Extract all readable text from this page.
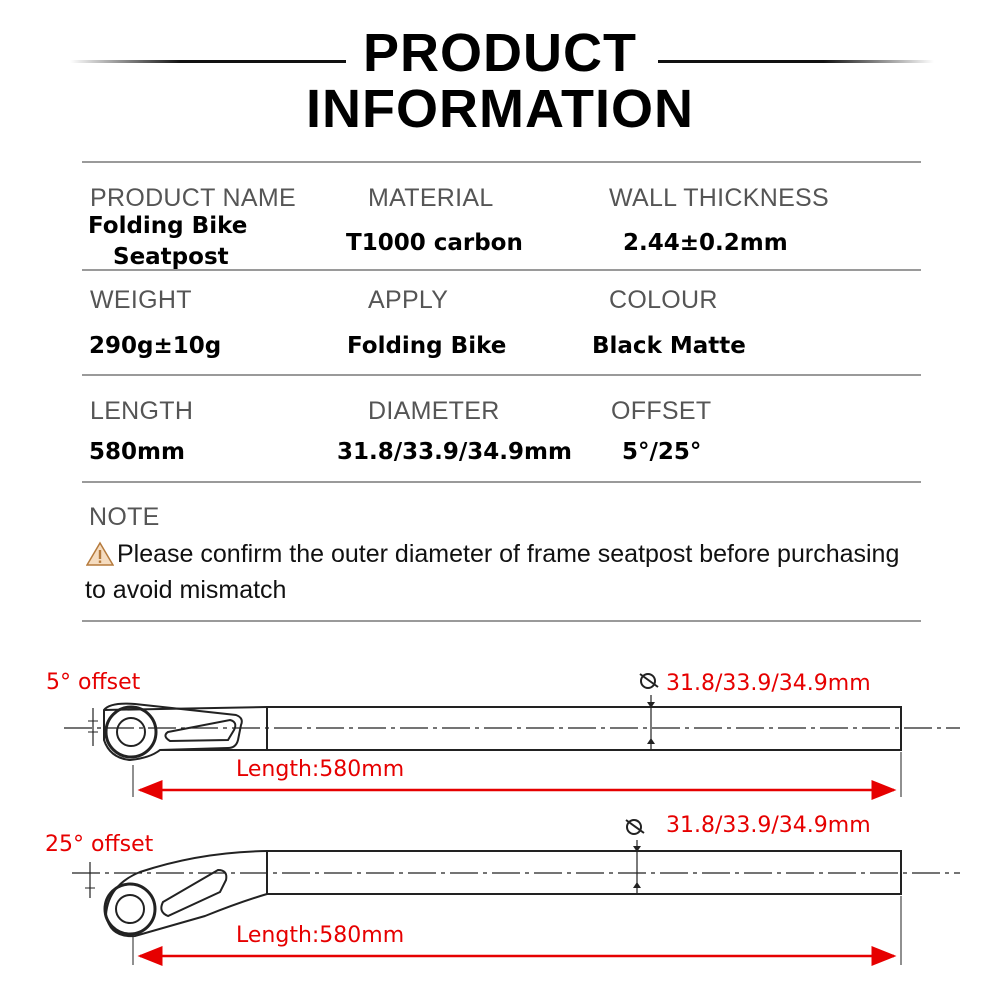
PRODUCT
INFORMATION
PRODUCT NAME
Folding Bike
Seatpost
MATERIAL
T1000 carbon
WALL THICKNESS
2.44±0.2mm
WEIGHT
290g±10g
APPLY
Folding Bike
COLOUR
Black Matte
LENGTH
580mm
DIAMETER
31.8/33.9/34.9mm
OFFSET
5°/25°
NOTE
Please confirm the outer diameter of frame seatpost before purchasing
to avoid mismatch
5° offset	31.8/33.9/34.9mm
Length:580mm
25° offset
31.8/33.9/34.9mm
Length:580mm
